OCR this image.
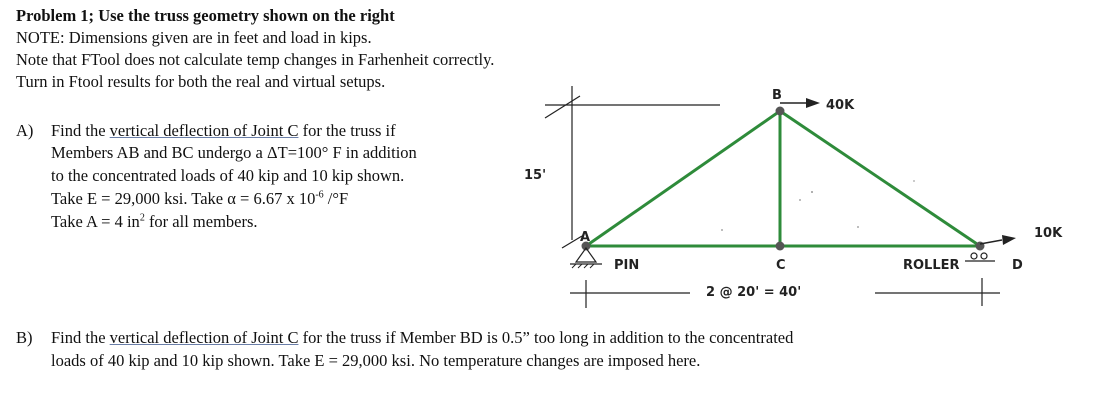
Problem 1; Use the truss geometry shown on the right
NOTE: Dimensions given are in feet and load in kips.
Note that FTool does not calculate temp changes in Farhenheit correctly.
Turn in Ftool results for both the real and virtual setups.
A) Find the vertical deflection of Joint C for the truss if
Members AB and BC undergo a ΔT=100° F in addition
to the concentrated loads of 40 kip and 10 kip shown.
Take E = 29,000 ksi. Take α = 6.67 x $10^{-6}$ /°F
Take A = 4 $in^2$ for all members.
B) Find the vertical deflection of Joint C for the truss if Member BD is 0.5” too long in addition to the concentrated
loads of 40 kip and 10 kip shown. Take E = 29,000 ksi. No temperature changes are imposed here.
15'
B
40K
A
PIN	C	ROLLER	D
10K
2 @ 20' = 40'
